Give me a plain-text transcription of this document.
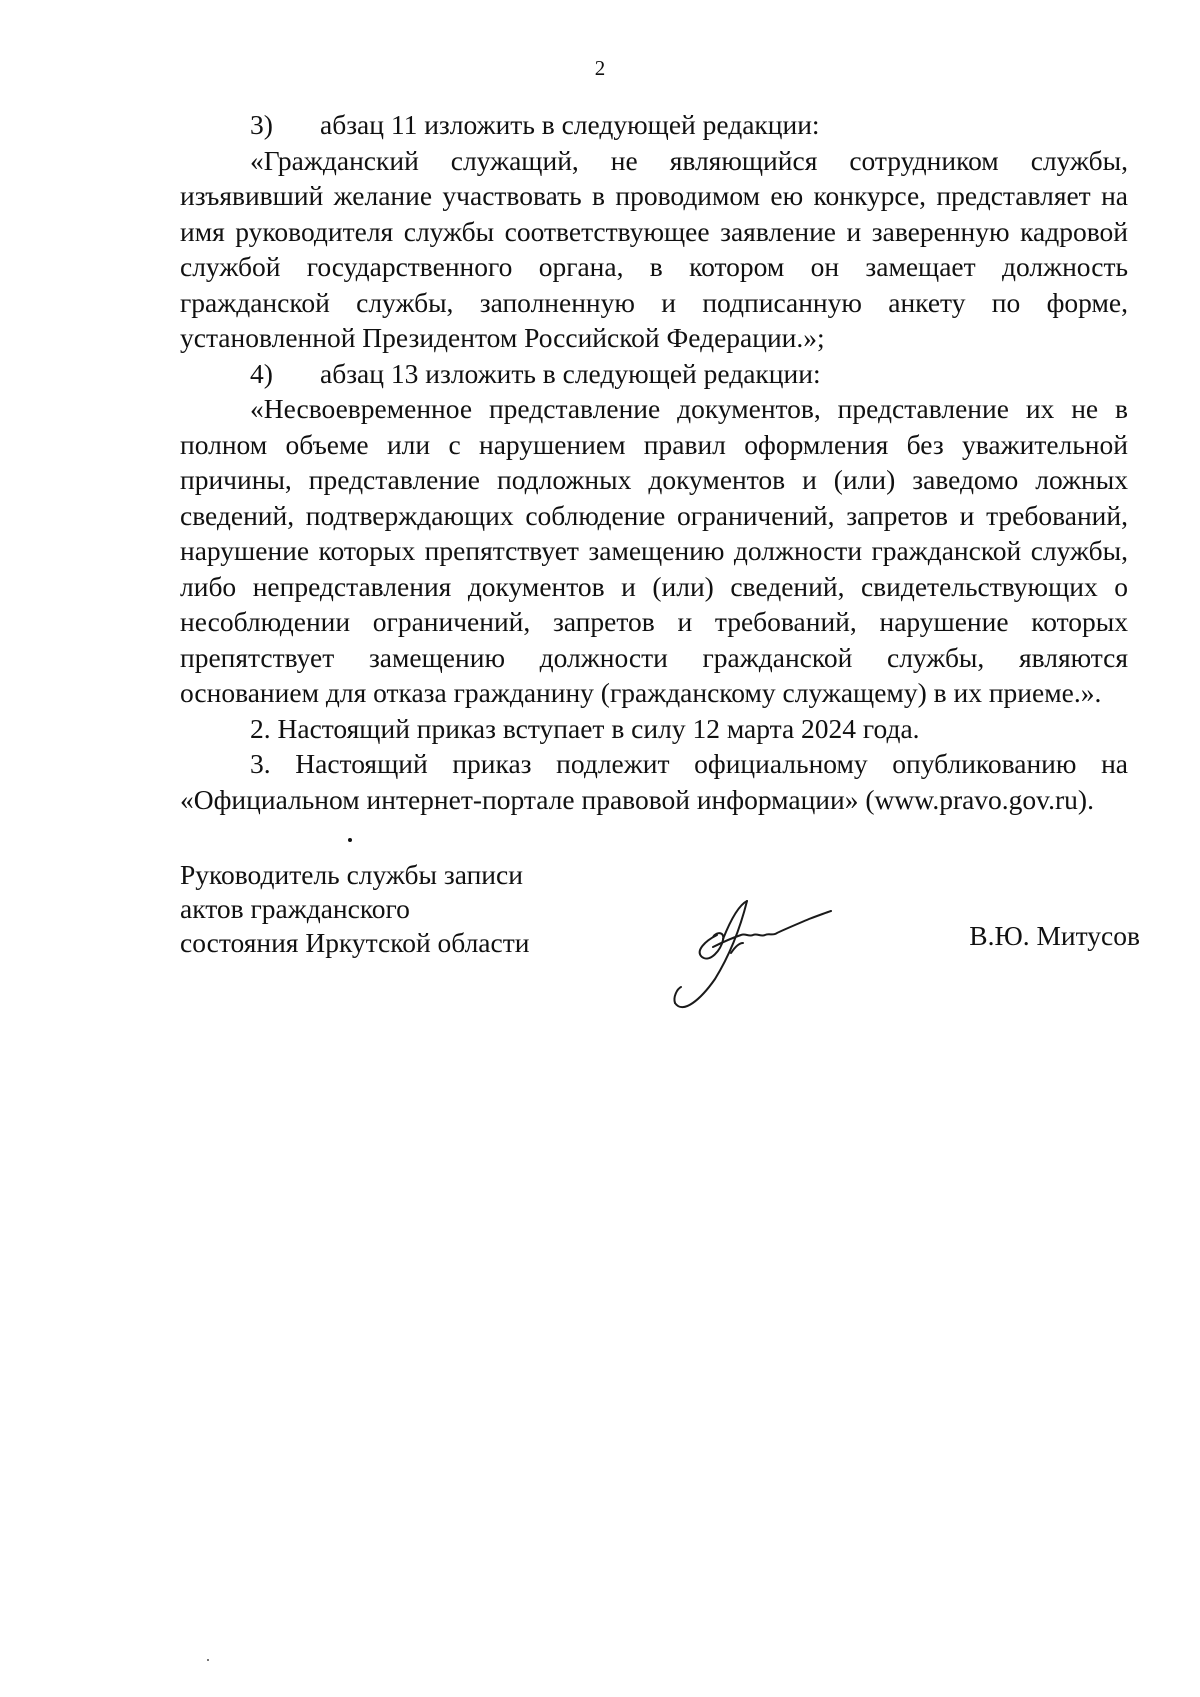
2
3)	абзац 11 изложить в следующей редакции:

«Гражданский служащий, не являющийся сотрудником службы, изъявивший желание участвовать в проводимом ею конкурсе, представляет на имя руководителя службы соответствующее заявление и заверенную кадровой службой государственного органа, в котором он замещает должность гражданской службы, заполненную и подписанную анкету по форме, установленной Президентом Российской Федерации.»;

4)	абзац 13 изложить в следующей редакции:

«Несвоевременное представление документов, представление их не в полном объеме или с нарушением правил оформления без уважительной причины, представление подложных документов и (или) заведомо ложных сведений, подтверждающих соблюдение ограничений, запретов и требований, нарушение которых препятствует замещению должности гражданской службы, либо непредставления документов и (или) сведений, свидетельствующих о несоблюдении ограничений, запретов и требований, нарушение которых препятствует замещению должности гражданской службы, являются основанием для отказа гражданину (гражданскому служащему) в их приеме.».

2. Настоящий приказ вступает в силу 12 марта 2024 года.

3. Настоящий приказ подлежит официальному опубликованию на «Официальном интернет-портале правовой информации» (www.pravo.gov.ru).

Руководитель службы записи
актов гражданского
состояния Иркутской области	В.Ю. Митусов
